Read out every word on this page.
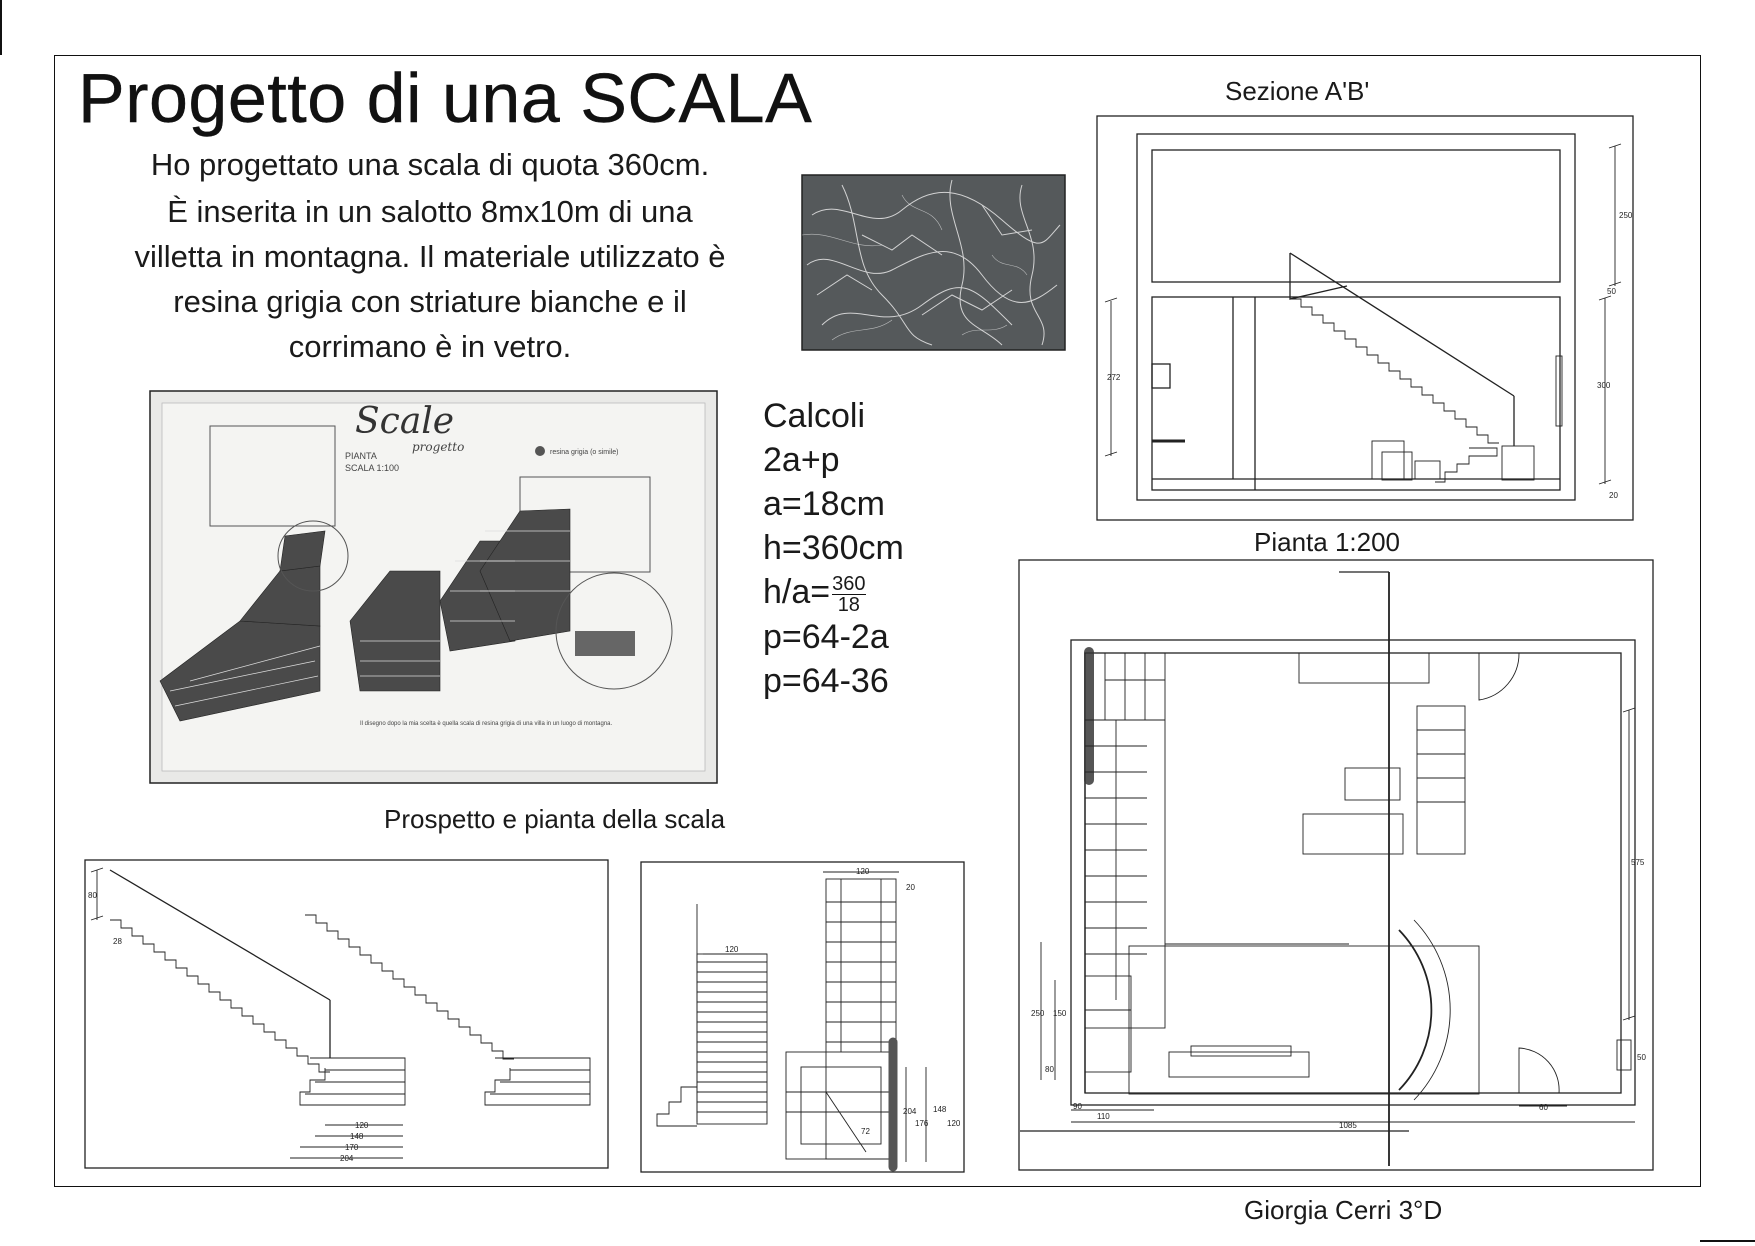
Progetto di una SCALA
Ho progettato una scala di quota 360cm.
È inserita in un salotto 8mx10m di una
villetta in montagna. Il materiale utilizzato è
resina grigia con striature bianche e il
corrimano è in vetro.
Scale
progetto
PIANTA
SCALA 1:100
resina grigia (o simile)
Il disegno dopo la mia scelta è quella scala di resina grigia di una villa in un luogo di montagna.
Calcoli
2a+p
a=18cm
h=360cm
$h/a= \frac{360}{18}$
p=64-2a
p=64-36
Sezione A'B'
Pianta 1:200
Prospetto e pianta della scala
Giorgia Cerri 3°D
250
50
300
20
272
575
50
250 150
80
110
1085
90	60
120
148
170
204
80
28
120
120
20
72
204 148
176 120
